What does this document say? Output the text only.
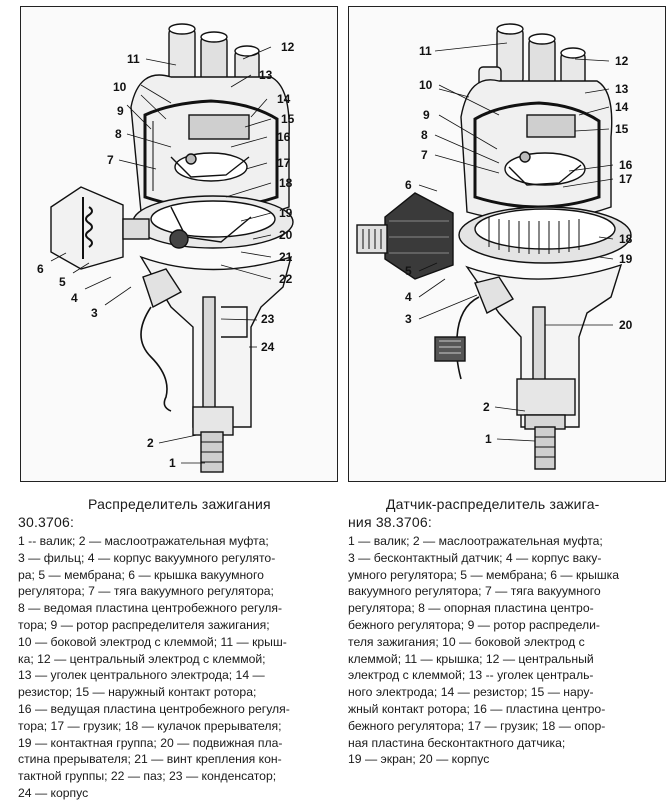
11
12
13
10
9
8
7
14
15
16
17
18
19
20
21
22
23
24
6
5
4
3
2
1
11
12
13
10
14
9
15
8
7
16
17
6
18
19
5
4
3	20
2
1
Распределитель зажигания
30.3706:
1 -- валик; 2 — маслоотражательная муфта;
3 — фильц; 4 — корпус вакуумного регулято-
ра; 5 — мембрана; 6 — крышка вакуумного
регулятора; 7 — тяга вакуумного регулятора;
8 — ведомая пластина центробежного регуля-
тора; 9 — ротор распределителя зажигания;
10 — боковой электрод с клеммой; 11 — крыш-
ка; 12 — центральный электрод с клеммой;
13 — уголек центрального электрода; 14 —
резистор; 15 — наружный контакт ротора;
16 — ведущая пластина центробежного регуля-
тора; 17 — грузик; 18 — кулачок прерывателя;
19 — контактная группа; 20 — подвижная пла-
стина прерывателя; 21 — винт крепления кон-
тактной группы; 22 — паз; 23 — конденсатор;
24 — корпус
Датчик-распределитель зажига-
ния 38.3706:
1 — валик; 2 — маслоотражательная муфта;
3 — бесконтактный датчик; 4 — корпус ваку-
умного регулятора; 5 — мембрана; 6 — крышка
вакуумного регулятора; 7 — тяга вакуумного
регулятора; 8 — опорная пластина центро-
бежного регулятора; 9 — ротор распредели-
теля зажигания; 10 — боковой электрод с
клеммой; 11 — крышка; 12 — центральный
электрод с клеммой; 13 -- уголек централь-
ного электрода; 14 — резистор; 15 — нару-
жный контакт ротора; 16 — пластина центро-
бежного регулятора; 17 — грузик; 18 — опор-
ная пластина бесконтактного датчика;
19 — экран; 20 — корпус
